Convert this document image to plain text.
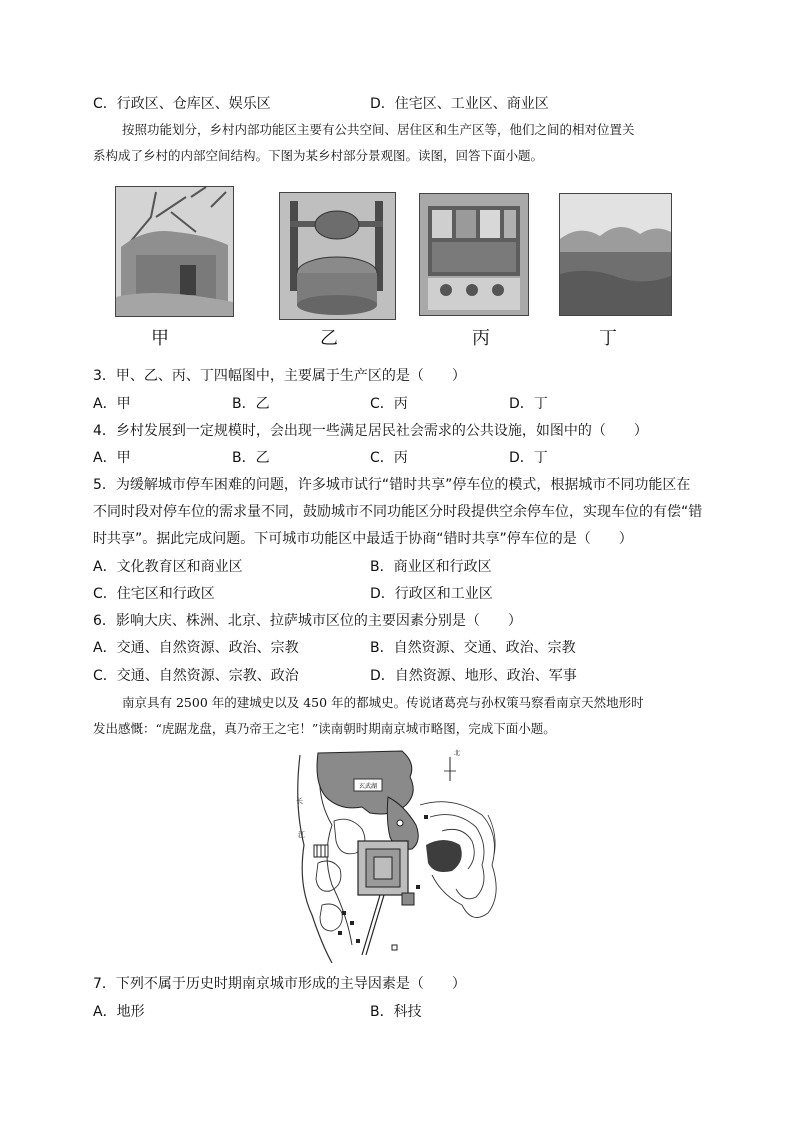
C．行政区、仓库区、娱乐区	D．住宅区、工业区、商业区
按照功能划分，乡村内部功能区主要有公共空间、居住区和生产区等，他们之间的相对位置关
系构成了乡村的内部空间结构。下图为某乡村部分景观图。读图，回答下面小题。
甲	乙	丙	丁
3．甲、乙、丙、丁四幅图中，主要属于生产区的是（　　）
A．甲	B．乙	C．丙	D．丁
4．乡村发展到一定规模时，会出现一些满足居民社会需求的公共设施，如图中的（　　）
A．甲	B．乙	C．丙	D．丁
5．为缓解城市停车困难的问题，许多城市试行“错时共享”停车位的模式，根据城市不同功能区在
不同时段对停车位的需求量不同，鼓励城市不同功能区分时段提供空余停车位，实现车位的有偿“错
时共享”。据此完成问题。下可城市功能区中最适于协商“错时共享”停车位的是（　　）
A．文化教育区和商业区	B．商业区和行政区
C．住宅区和行政区	D．行政区和工业区
6．影响大庆、株洲、北京、拉萨城市区位的主要因素分别是（　　）
A．交通、自然资源、政治、宗教	B．自然资源、交通、政治、宗教
C．交通、自然资源、宗教、政治	D．自然资源、地形、政治、军事
南京具有 2500 年的建城史以及 450 年的都城史。传说诸葛亮与孙权策马察看南京天然地形时
发出感慨：“虎踞龙盘，真乃帝王之宅！”读南朝时期南京城市略图，完成下面小题。
玄武湖
北
长
江
7．下列不属于历史时期南京城市形成的主导因素是（　　）
A．地形	B．科技
